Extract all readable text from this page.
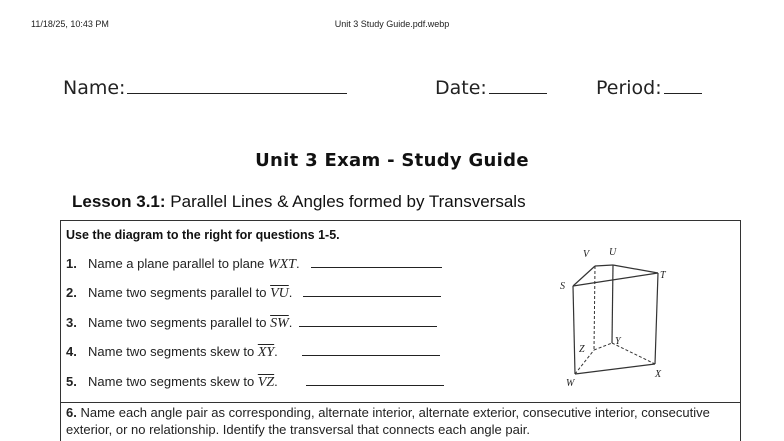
11/18/25, 10:43 PM	Unit 3 Study Guide.pdf.webp
Name:	Date:	Period:
Unit 3 Exam - Study Guide
Lesson 3.1: Parallel Lines & Angles formed by Transversals
Use the diagram to the right for questions 1-5.
1. Name a plane parallel to plane
WXT .
2. Name two segments parallel to
$\overline{VU}$ .
3. Name two segments parallel to
$\overline{SW}$ .
4. Name two segments skew to
$\overline{XY}$ .
5. Name two segments skew to
$\overline{VZ}$ .
V U
T
S
Z
Y
X
W
6. Name each angle pair as corresponding, alternate interior, alternate exterior, consecutive interior, consecutive exterior, or no relationship. Identify the transversal that connects each angle pair.
